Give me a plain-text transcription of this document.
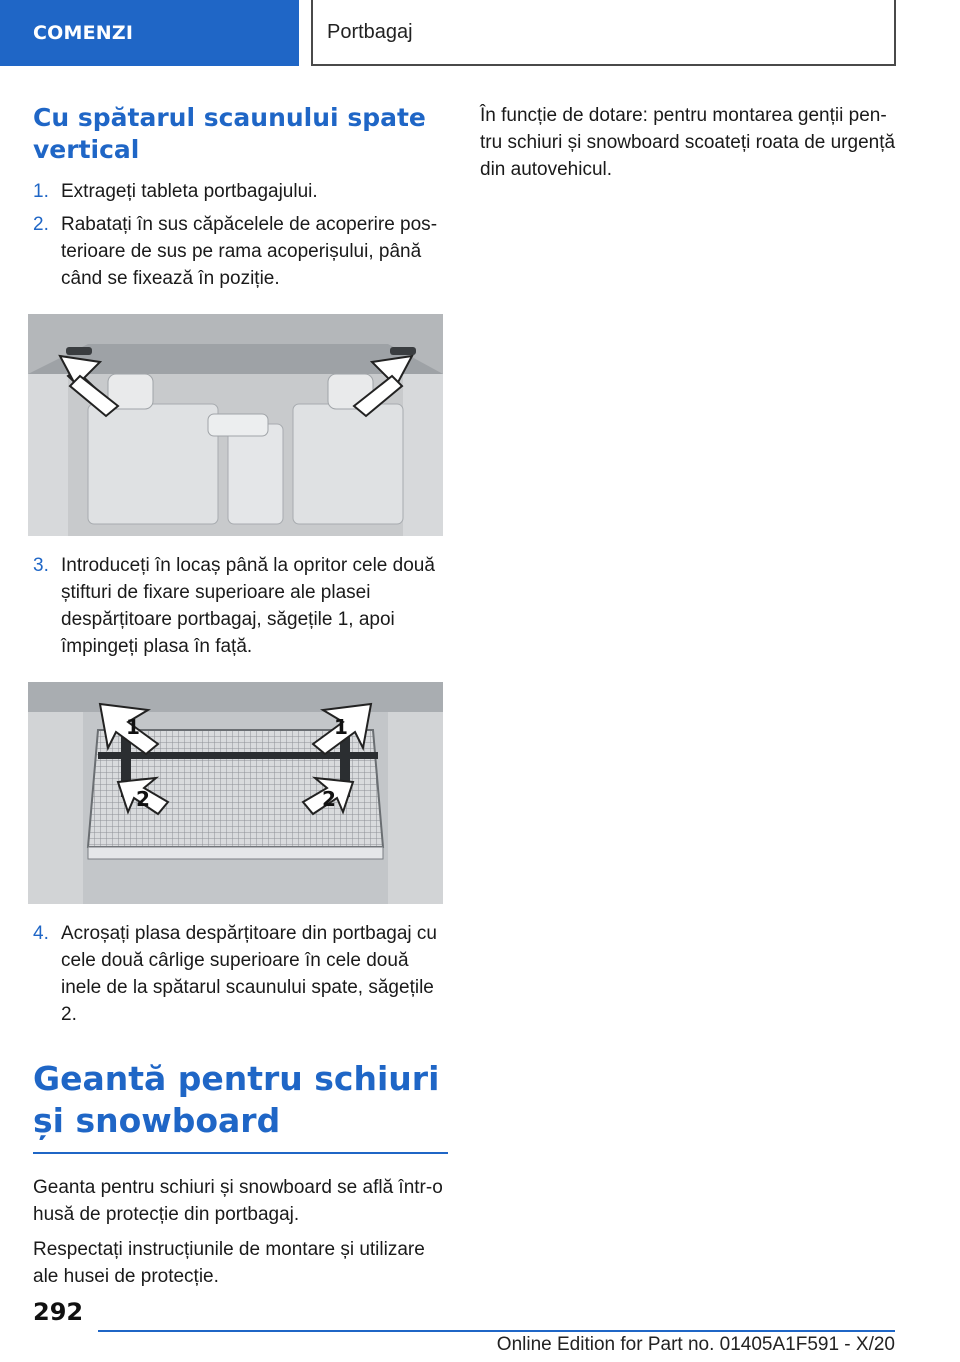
COMENZI	Portbagaj
Cu spătarul scaunului spate vertical
1. Extrageți tableta portbagajului.
2. Rabatați în sus căpăcelele de acoperire posterioare de sus pe rama acoperișului, până când se fixează în poziție.
3. Introduceți în locaș până la opritor cele două știfturi de fixare superioare ale plasei despărțitoare portbagaj, săgețile 1, apoi împingeți plasa în față.
1	1
2	2
4. Acroșați plasa despărțitoare din portbagaj cu cele două cârlige superioare în cele două inele de la spătarul scaunului spate, săgețile 2.
Geantă pentru schiuri și snowboard

Geanta pentru schiuri și snowboard se află într-o husă de protecție din portbagaj.

Respectați instrucțiunile de montare și utilizare ale husei de protecție.

În funcție de dotare: pentru montarea genții pentru schiuri și snowboard scoateți roata de urgență din autovehicul.

292
Online Edition for Part no. 01405A1F591 - X/20
